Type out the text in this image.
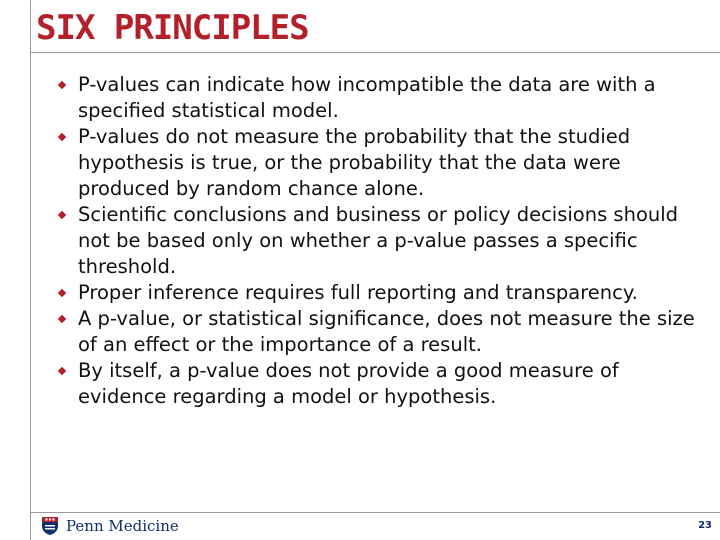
SIX PRINCIPLES
P-values can indicate how incompatible the data are with a specified statistical model.
P-values do not measure the probability that the studied hypothesis is true, or the probability that the data were produced by random chance alone.
Scientific conclusions and business or policy decisions should not be based only on whether a p-value passes a specific threshold.
Proper inference requires full reporting and transparency.
A p-value, or statistical significance, does not measure the size of an effect or the importance of a result.
By itself, a p-value does not provide a good measure of evidence regarding a model or hypothesis.
Penn Medicine	23
